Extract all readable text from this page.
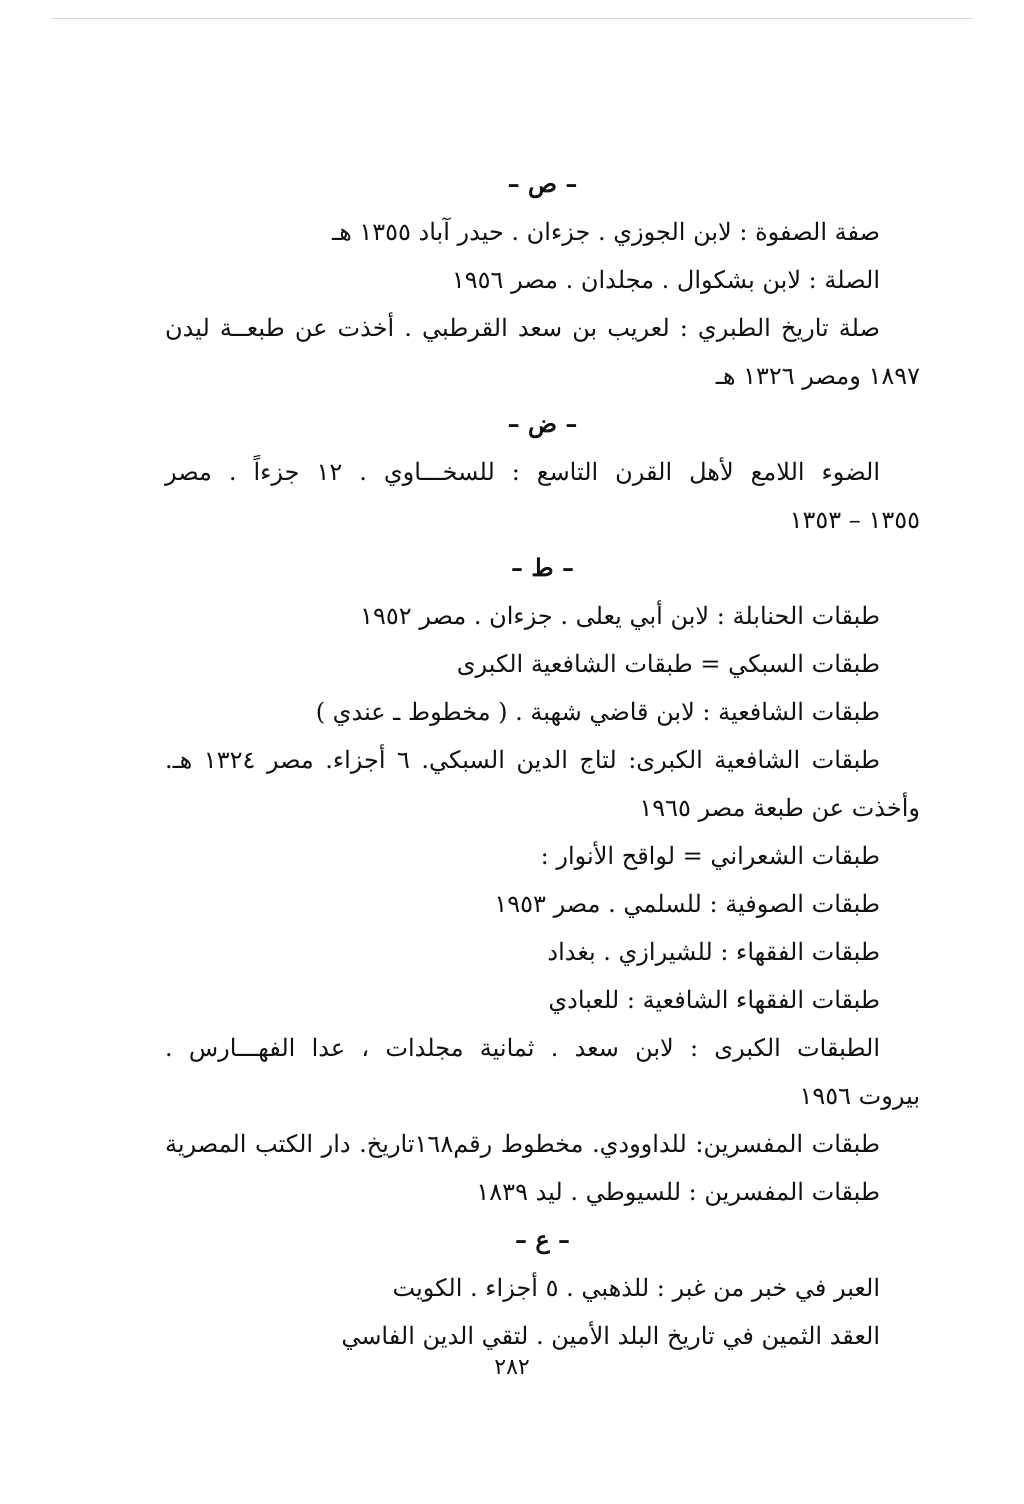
– ص –
صفة الصفوة : لابن الجوزي . جزءان . حيدر آباد ١٣٥٥ هـ
الصلة : لابن بشكوال . مجلدان . مصر ١٩٥٦
صلة تاريخ الطبري : لعريب بن سعد القرطبي . أخذت عن طبعــة ليدن
١٨٩٧ ومصر ١٣٢٦ هـ
– ض –
الضوء اللامع لأهل القرن التاسع : للسخـــاوي . ١٢ جزءاً . مصر
١٣٥٥ – ١٣٥٣
– ط –
طبقات الحنابلة : لابن أبي يعلى . جزءان . مصر ١٩٥٢
طبقات السبكي = طبقات الشافعية الكبرى
طبقات الشافعية : لابن قاضي شهبة . ( مخطوط ـ عندي )
طبقات الشافعية الكبرى: لتاج الدين السبكي. ٦ أجزاء. مصر ١٣٢٤ هـ.
وأخذت عن طبعة مصر ١٩٦٥
طبقات الشعراني = لواقح الأنوار :
طبقات الصوفية : للسلمي . مصر ١٩٥٣
طبقات الفقهاء : للشيرازي . بغداد
طبقات الفقهاء الشافعية : للعبادي
الطبقات الكبرى : لابن سعد . ثمانية مجلدات ، عدا الفهـــارس .
بيروت ١٩٥٦
طبقات المفسرين: للداوودي. مخطوط رقم١٦٨تاريخ. دار الكتب المصرية
طبقات المفسرين : للسيوطي . ليد ١٨٣٩
– ع –
العبر في خبر من غبر : للذهبي . ٥ أجزاء . الكويت
العقد الثمين في تاريخ البلد الأمين . لتقي الدين الفاسي
٢٨٢
